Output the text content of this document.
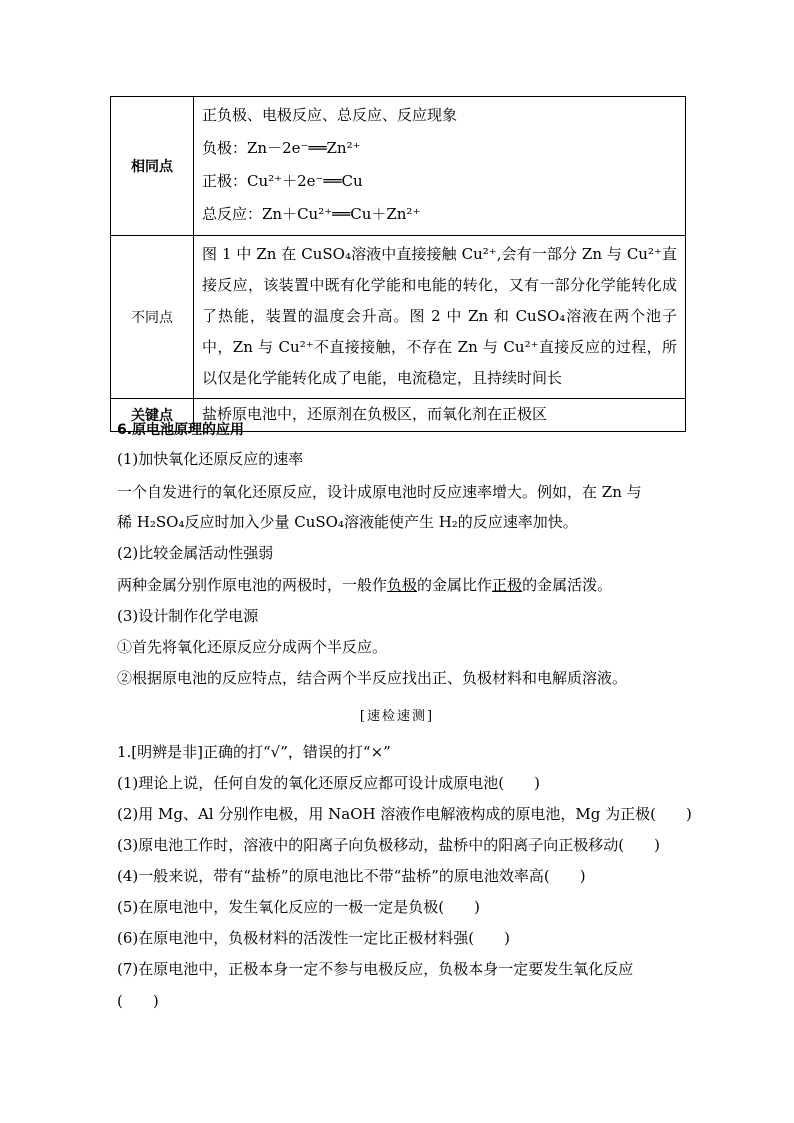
相同点	正负极、电极反应、总反应、反应现象
负极：Zn－2e⁻══Zn²⁺
正极：Cu²⁺＋2e⁻══Cu
总反应：Zn＋Cu²⁺══Cu＋Zn²⁺

不同点	图 1 中 Zn 在 CuSO₄溶液中直接接触 Cu²⁺,会有一部分 Zn 与 Cu²⁺直接反应，该装置中既有化学能和电能的转化，又有一部分化学能转化成了热能，装置的温度会升高。图 2 中 Zn 和 CuSO₄溶液在两个池子中，Zn 与 Cu²⁺不直接接触，不存在 Zn 与 Cu²⁺直接反应的过程，所以仅是化学能转化成了电能，电流稳定，且持续时间长

关键点	盐桥原电池中，还原剂在负极区，而氧化剂在正极区
6.原电池原理的应用
(1)加快氧化还原反应的速率
一个自发进行的氧化还原反应，设计成原电池时反应速率增大。例如，在 Zn 与
稀 H₂SO₄反应时加入少量 CuSO₄溶液能使产生 H₂的反应速率加快。
(2)比较金属活动性强弱
两种金属分别作原电池的两极时，一般作负极的金属比作正极的金属活泼。
(3)设计制作化学电源
①首先将氧化还原反应分成两个半反应。
②根据原电池的反应特点，结合两个半反应找出正、负极材料和电解质溶液。
[速检速测]
1.[明辨是非]正确的打“√”，错误的打“×”
(1)理论上说，任何自发的氧化还原反应都可设计成原电池(　　)
(2)用 Mg、Al 分别作电极，用 NaOH 溶液作电解液构成的原电池，Mg 为正极(　　)
(3)原电池工作时，溶液中的阳离子向负极移动，盐桥中的阳离子向正极移动(　　)
(4)一般来说，带有“盐桥”的原电池比不带“盐桥”的原电池效率高(　　)
(5)在原电池中，发生氧化反应的一极一定是负极(　　)
(6)在原电池中，负极材料的活泼性一定比正极材料强(　　)
(7)在原电池中，正极本身一定不参与电极反应，负极本身一定要发生氧化反应
(　　)
